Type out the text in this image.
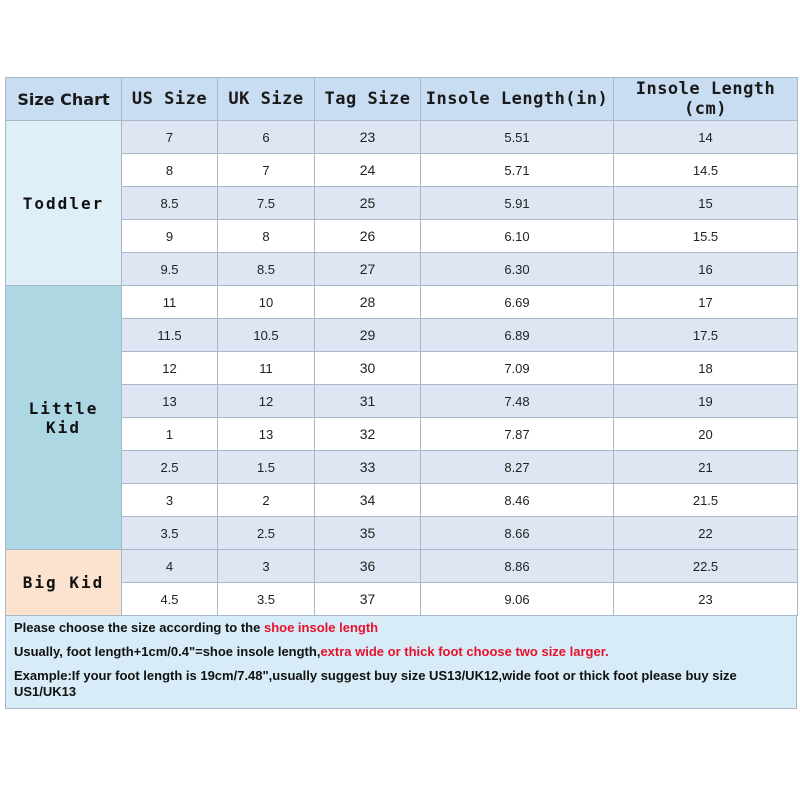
Size Chart	US Size	UK Size	Tag Size	Insole Length(in)	Insole Length (cm)
Toddler	7	6	23	5.51	14
	8	7	24	5.71	14.5
	8.5	7.5	25	5.91	15
	9	8	26	6.10	15.5
	9.5	8.5	27	6.30	16
Little Kid	11	10	28	6.69	17
	11.5	10.5	29	6.89	17.5
	12	11	30	7.09	18
	13	12	31	7.48	19
	1	13	32	7.87	20
	2.5	1.5	33	8.27	21
	3	2	34	8.46	21.5
	3.5	2.5	35	8.66	22
Big Kid	4	3	36	8.86	22.5
	4.5	3.5	37	9.06	23

Please choose the size according to the shoe insole length

Usually, foot length+1cm/0.4"=shoe insole length,extra wide or thick foot choose two size larger.

Example:If your foot length is 19cm/7.48",usually suggest buy size US13/UK12,wide foot or thick foot please buy size US1/UK13
